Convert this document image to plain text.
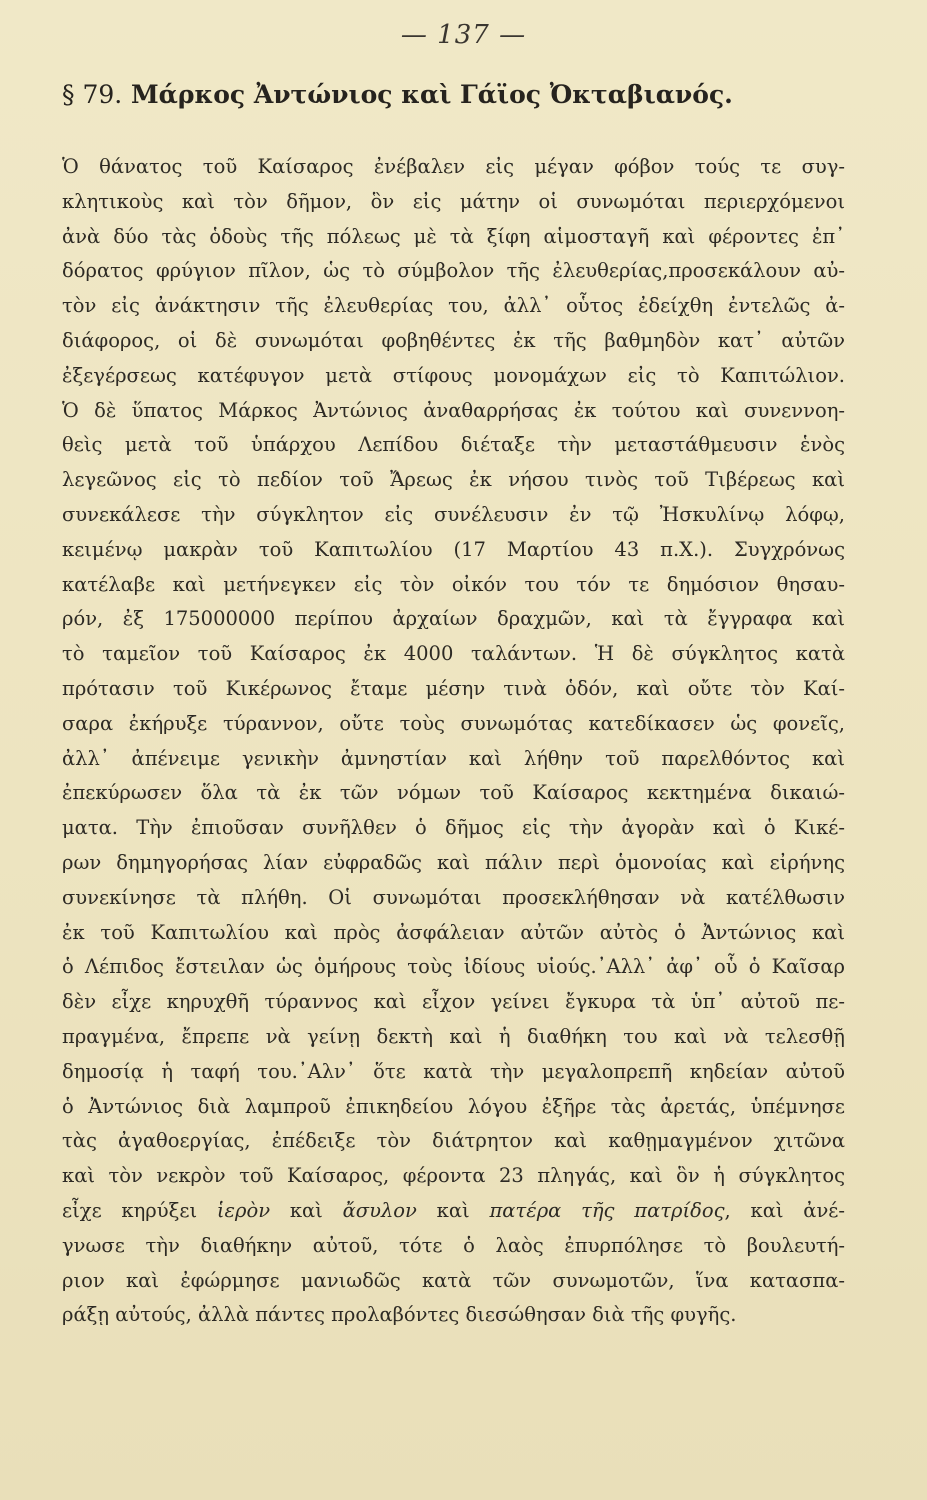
— 137 —
§ 79. Μάρκος Ἀντώνιος καὶ Γάϊος Ὀκταβιανός.
Ὁ θάνατος τοῦ Καίσαρος ἐνέβαλεν εἰς μέγαν φόβον τούς τε συγ-
κλητικοὺς καὶ τὸν δῆμον, ὃν εἰς μάτην οἱ συνωμόται περιερχόμενοι
ἀνὰ δύο τὰς ὁδοὺς τῆς πόλεως μὲ τὰ ξίφη αἱμοσταγῆ καὶ φέροντες ἐπ᾽
δόρατος φρύγιον πῖλον, ὡς τὸ σύμβολον τῆς ἐλευθερίας,προσεκάλουν αὐ-
τὸν εἰς ἀνάκτησιν τῆς ἐλευθερίας του, ἀλλ᾽ οὗτος ἐδείχθη ἐντελῶς ἀ-
διάφορος, οἱ δὲ συνωμόται φοβηθέντες ἐκ τῆς βαθμηδὸν κατ᾽ αὐτῶν
ἐξεγέρσεως κατέφυγον μετὰ στίφους μονομάχων εἰς τὸ Καπιτώλιον.
Ὁ δὲ ὕπατος Μάρκος Ἀντώνιος ἀναθαρρήσας ἐκ τούτου καὶ συνεννοη-
θεὶς μετὰ τοῦ ὑπάρχου Λεπίδου διέταξε τὴν μεταστάθμευσιν ἑνὸς
λεγεῶνος εἰς τὸ πεδίον τοῦ Ἄρεως ἐκ νήσου τινὸς τοῦ Τιβέρεως καὶ
συνεκάλεσε τὴν σύγκλητον εἰς συνέλευσιν ἐν τῷ Ἠσκυλίνῳ λόφῳ,
κειμένῳ μακρὰν τοῦ Καπιτωλίου (17 Μαρτίου 43 π.Χ.). Συγχρόνως
κατέλαβε καὶ μετήνεγκεν εἰς τὸν οἰκόν του τόν τε δημόσιον θησαυ-
ρόν, ἐξ 175000000 περίπου ἀρχαίων δραχμῶν, καὶ τὰ ἔγγραφα καὶ
τὸ ταμεῖον τοῦ Καίσαρος ἐκ 4000 ταλάντων. Ἡ δὲ σύγκλητος κατὰ
πρότασιν τοῦ Κικέρωνος ἔταμε μέσην τινὰ ὁδόν, καὶ οὔτε τὸν Καί-
σαρα ἐκήρυξε τύραννον, οὔτε τοὺς συνωμότας κατεδίκασεν ὡς φονεῖς,
ἀλλ᾽ ἀπένειμε γενικὴν ἀμνηστίαν καὶ λήθην τοῦ παρελθόντος καὶ
ἐπεκύρωσεν ὅλα τὰ ἐκ τῶν νόμων τοῦ Καίσαρος κεκτημένα δικαιώ-
ματα. Τὴν ἐπιοῦσαν συνῆλθεν ὁ δῆμος εἰς τὴν ἀγορὰν καὶ ὁ Κικέ-
ρων δημηγορήσας λίαν εὐφραδῶς καὶ πάλιν περὶ ὁμονοίας καὶ εἰρήνης
συνεκίνησε τὰ πλήθη. Οἱ συνωμόται προσεκλήθησαν νὰ κατέλθωσιν
ἐκ τοῦ Καπιτωλίου καὶ πρὸς ἀσφάλειαν αὐτῶν αὐτὸς ὁ Ἀντώνιος καὶ
ὁ Λέπιδος ἔστειλαν ὡς ὁμήρους τοὺς ἰδίους υἱούς.᾽Αλλ᾽ ἀφ᾽ οὗ ὁ Καῖσαρ
δὲν εἶχε κηρυχθῆ τύραννος καὶ εἶχον γείνει ἔγκυρα τὰ ὑπ᾽ αὐτοῦ πε-
πραγμένα, ἔπρεπε νὰ γείνῃ δεκτὴ καὶ ἡ διαθήκη του καὶ νὰ τελεσθῇ
δημοσίᾳ ἡ ταφή του.᾽Αλν᾽ ὅτε κατὰ τὴν μεγαλοπρεπῆ κηδείαν αὐτοῦ
ὁ Ἀντώνιος διὰ λαμπροῦ ἐπικηδείου λόγου ἐξῆρε τὰς ἀρετάς, ὑπέμνησε
τὰς ἀγαθοεργίας, ἐπέδειξε τὸν διάτρητον καὶ καθῃμαγμένον χιτῶνα
καὶ τὸν νεκρὸν τοῦ Καίσαρος, φέροντα 23 πληγάς, καὶ ὃν ἡ σύγκλητος
εἶχε κηρύξει ἱερὸν καὶ ἄσυλον καὶ πατέρα τῆς πατρίδος, καὶ ἀνέ-
γνωσε τὴν διαθήκην αὐτοῦ, τότε ὁ λαὸς ἐπυρπόλησε τὸ βουλευτή-
ριον καὶ ἐφώρμησε μανιωδῶς κατὰ τῶν συνωμοτῶν, ἵνα κατασπα-
ράξῃ αὐτούς, ἀλλὰ πάντες προλαβόντες διεσώθησαν διὰ τῆς φυγῆς.
